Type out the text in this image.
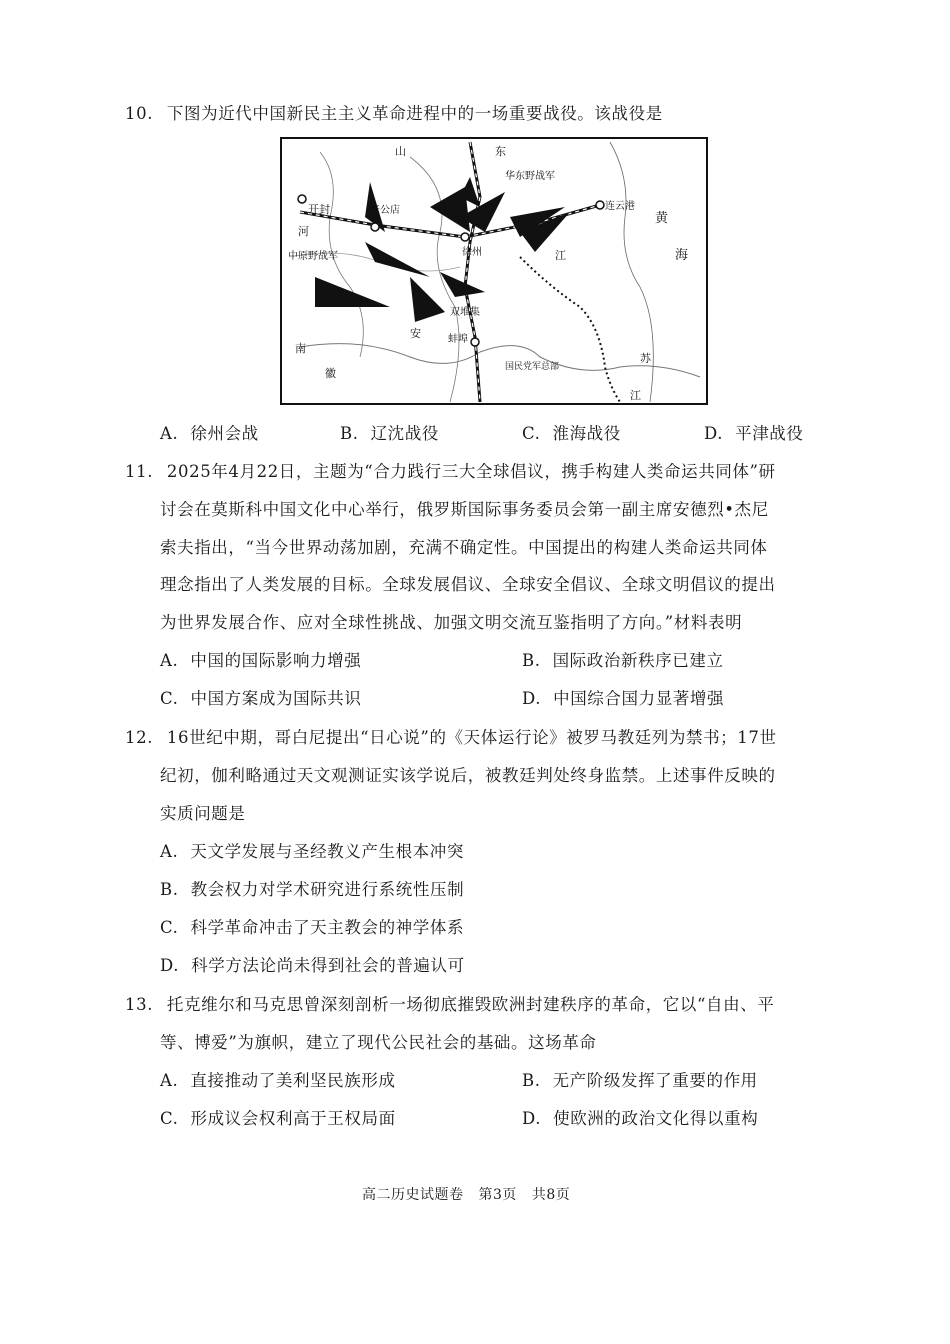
10. 下图为近代中国新民主主义革命进程中的一场重要战役。该战役是
山	东
华东野战军
连云港
开封	张公店
黄
海
河
中原野战军	徐州	江
安
苏
双堆集
蚌埠
南
国民党军总部
徽
江
A. 徐州会战	B. 辽沈战役	C. 淮海战役	D. 平津战役
11. 2025年4月22日，主题为“合力践行三大全球倡议，携手构建人类命运共同体”研
讨会在莫斯科中国文化中心举行，俄罗斯国际事务委员会第一副主席安德烈•杰尼
索夫指出，“当今世界动荡加剧，充满不确定性。中国提出的构建人类命运共同体
理念指出了人类发展的目标。全球发展倡议、全球安全倡议、全球文明倡议的提出
为世界发展合作、应对全球性挑战、加强文明交流互鉴指明了方向。”材料表明
A. 中国的国际影响力增强	B. 国际政治新秩序已建立
C. 中国方案成为国际共识	D. 中国综合国力显著增强
12. 16世纪中期，哥白尼提出“日心说”的《天体运行论》被罗马教廷列为禁书；17世
纪初，伽利略通过天文观测证实该学说后，被教廷判处终身监禁。上述事件反映的
实质问题是
A. 天文学发展与圣经教义产生根本冲突
B. 教会权力对学术研究进行系统性压制
C. 科学革命冲击了天主教会的神学体系
D. 科学方法论尚未得到社会的普遍认可
13. 托克维尔和马克思曾深刻剖析一场彻底摧毁欧洲封建秩序的革命，它以“自由、平
等、博爱”为旗帜，建立了现代公民社会的基础。这场革命
A. 直接推动了美利坚民族形成	B. 无产阶级发挥了重要的作用
C. 形成议会权利高于王权局面	D. 使欧洲的政治文化得以重构
高二历史试题卷 第3页 共8页
